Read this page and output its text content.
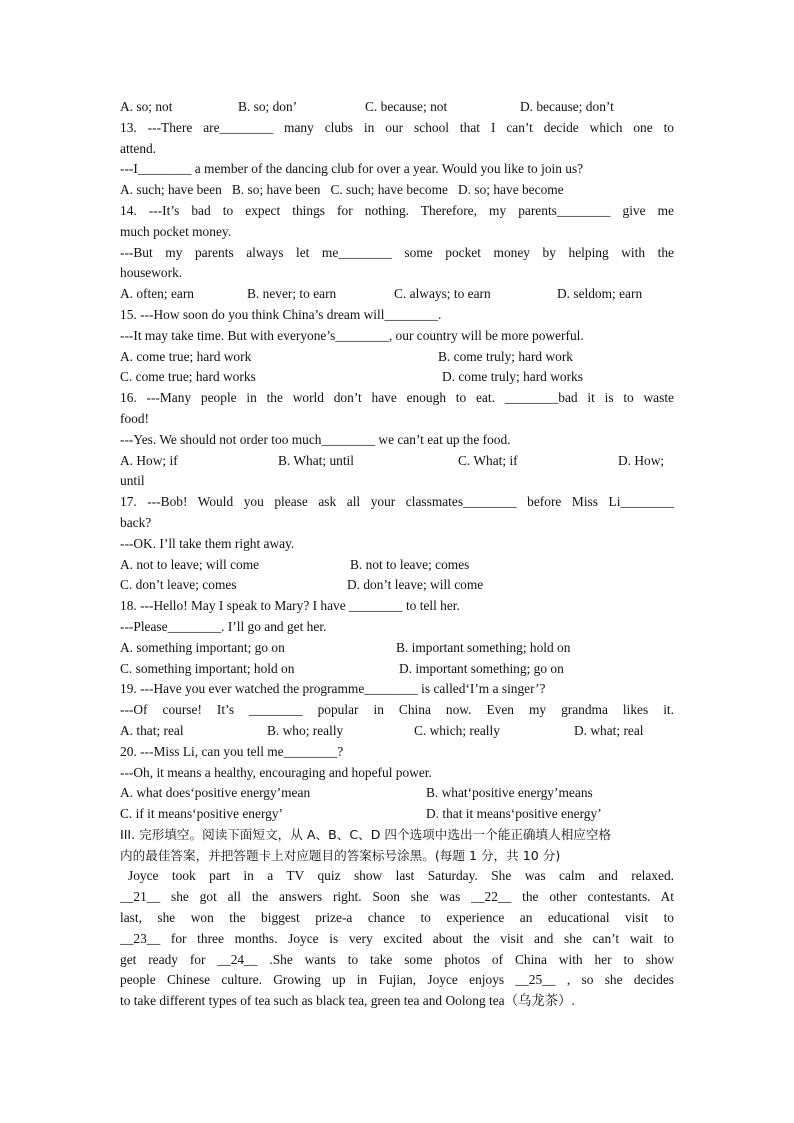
A. so; not	B. so; don’	C. because; not	D. because; don’t
13. ---There are________ many clubs in our school that I can’t decide which one to
attend.
---I________ a member of the dancing club for over a year. Would you like to join us?
A. such; have been   B. so; have been   C. such; have become   D. so; have become
14. ---It’s bad to expect things for nothing. Therefore, my parents________ give me
much pocket money.
---But my parents always let me________ some pocket money by helping with the
housework.
A. often; earn	B. never; to earn	C. always; to earn	D. seldom; earn
15. ---How soon do you think China’s dream will________.
---It may take time. But with everyone’s________, our country will be more powerful.
A. come true; hard work	B. come truly; hard work
C. come true; hard works	D. come truly; hard works
16. ---Many people in the world don’t have enough to eat. ________bad it is to waste
food!
---Yes. We should not order too much________ we can’t eat up the food.
A. How; if	B. What; until	C. What; if	D. How;
until
17. ---Bob! Would you please ask all your classmates________ before Miss Li________
back?
---OK. I’ll take them right away.
A. not to leave; will come	B. not to leave; comes
C. don’t leave; comes	D. don’t leave; will come
18. ---Hello! May I speak to Mary? I have ________ to tell her.
---Please________. I’ll go and get her.
A. something important; go on	B. important something; hold on
C. something important; hold on	D. important something; go on
19. ---Have you ever watched the programme________ is called‘I’m a singer’?
---Of course! It’s ________ popular in China now. Even my grandma likes it.
A. that; real	B. who; really	C. which; really	D. what; real
20. ---Miss Li, can you tell me________?
---Oh, it means a healthy, encouraging and hopeful power.
A. what does‘positive energy’mean	B. what‘positive energy’means
C. if it means‘positive energy’	D. that it means‘positive energy’
III. 完形填空。阅读下面短文，从 A、B、C、D 四个选项中选出一个能正确填人相应空格
内的最佳答案，并把答题卡上对应题目的答案标号涂黑。(每题 1 分，共 10 分)
Joyce took part in a TV quiz show last Saturday. She was calm and relaxed.
__21__ she got all the answers right. Soon she was __22__ the other contestants. At
last, she won the biggest prize-a chance to experience an educational visit to
__23__ for three months. Joyce is very excited about the visit and she can’t wait to
get ready for __24__ .She wants to take some photos of China with her to show
people Chinese culture. Growing up in Fujian, Joyce enjoys __25__ , so she decides
to take different types of tea such as black tea, green tea and Oolong tea（乌龙茶）.
